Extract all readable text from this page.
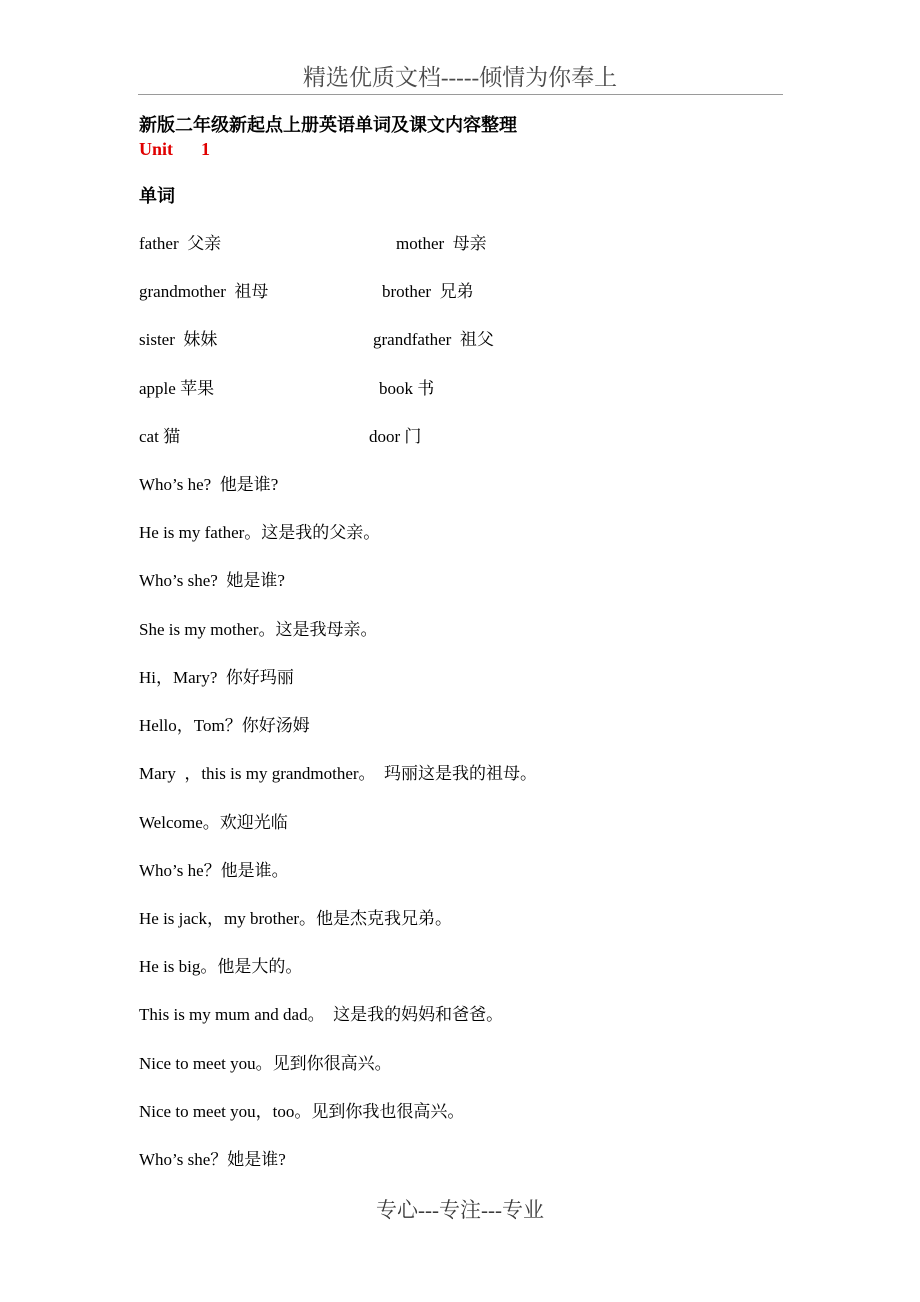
精选优质文档-----倾情为你奉上
新版二年级新起点上册英语单词及课文内容整理
Unit 1
单词
father  父亲	mother  母亲
grandmother  祖母	brother  兄弟
sister  妹妹	grandfather  祖父
apple 苹果	book 书
cat 猫	door 门
Who’s he?  他是谁?
He is my father。这是我的父亲。
Who’s she?  她是谁?
She is my mother。这是我母亲。
Hi，Mary?  你好玛丽
Hello，Tom？你好汤姆
Mary  ，this is my grandmother。  玛丽这是我的祖母。
Welcome。欢迎光临
Who’s he？他是谁。
He is jack，my brother。他是杰克我兄弟。
He is big。他是大的。
This is my mum and dad。  这是我的妈妈和爸爸。
Nice to meet you。见到你很高兴。
Nice to meet you，too。见到你我也很高兴。
Who’s she？她是谁?
专心---专注---专业
